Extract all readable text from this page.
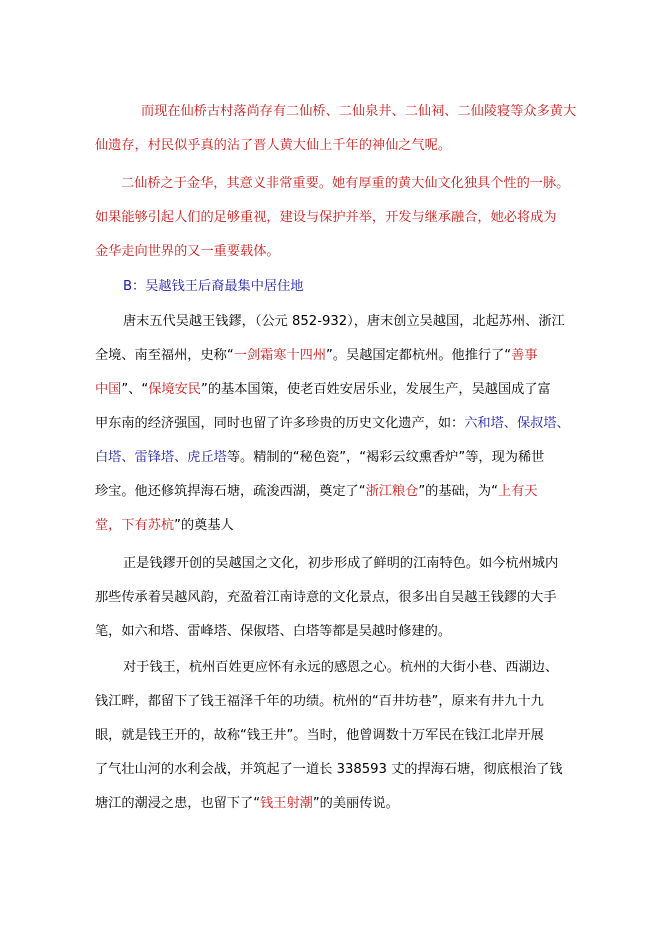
而现在仙桥古村落尚存有二仙桥、二仙泉井、二仙祠、二仙陵寝等众多黄大
仙遗存，村民似乎真的沾了晋人黄大仙上千年的神仙之气呢。
二仙桥之于金华，其意义非常重要。她有厚重的黄大仙文化独具个性的一脉。
如果能够引起人们的足够重视，建设与保护并举，开发与继承融合，她必将成为
金华走向世界的又一重要载体。
B：吴越钱王后裔最集中居住地
唐末五代吴越王钱鏐，（公元 852-932），唐末创立吴越国，北起苏州、浙江
全境、南至福州，史称“一剑霜寒十四州”。吴越国定都杭州。他推行了“善事
中国”、“保境安民”的基本国策，使老百姓安居乐业，发展生产，吴越国成了富
甲东南的经济强国，同时也留了许多珍贵的历史文化遗产，如：六和塔、保叔塔、
白塔、雷锋塔、虎丘塔等。精制的“秘色瓷”，“褐彩云纹熏香炉”等，现为稀世
珍宝。他还修筑捍海石塘，疏浚西湖，奠定了“浙江粮仓”的基础，为“上有天
堂，下有苏杭”的奠基人
正是钱鏐开创的吴越国之文化，初步形成了鲜明的江南特色。如今杭州城内
那些传承着吴越风韵，充盈着江南诗意的文化景点，很多出自吴越王钱鏐的大手
笔，如六和塔、雷峰塔、保俶塔、白塔等都是吴越时修建的。
对于钱王，杭州百姓更应怀有永远的感恩之心。杭州的大街小巷、西湖边、
钱江畔，都留下了钱王福泽千年的功绩。杭州的“百井坊巷”，原来有井九十九
眼，就是钱王开的，故称“钱王井”。当时，他曾调数十万军民在钱江北岸开展
了气壮山河的水利会战，并筑起了一道长 338593 丈的捍海石塘，彻底根治了钱
塘江的潮浸之患，也留下了“钱王射潮”的美丽传说。
